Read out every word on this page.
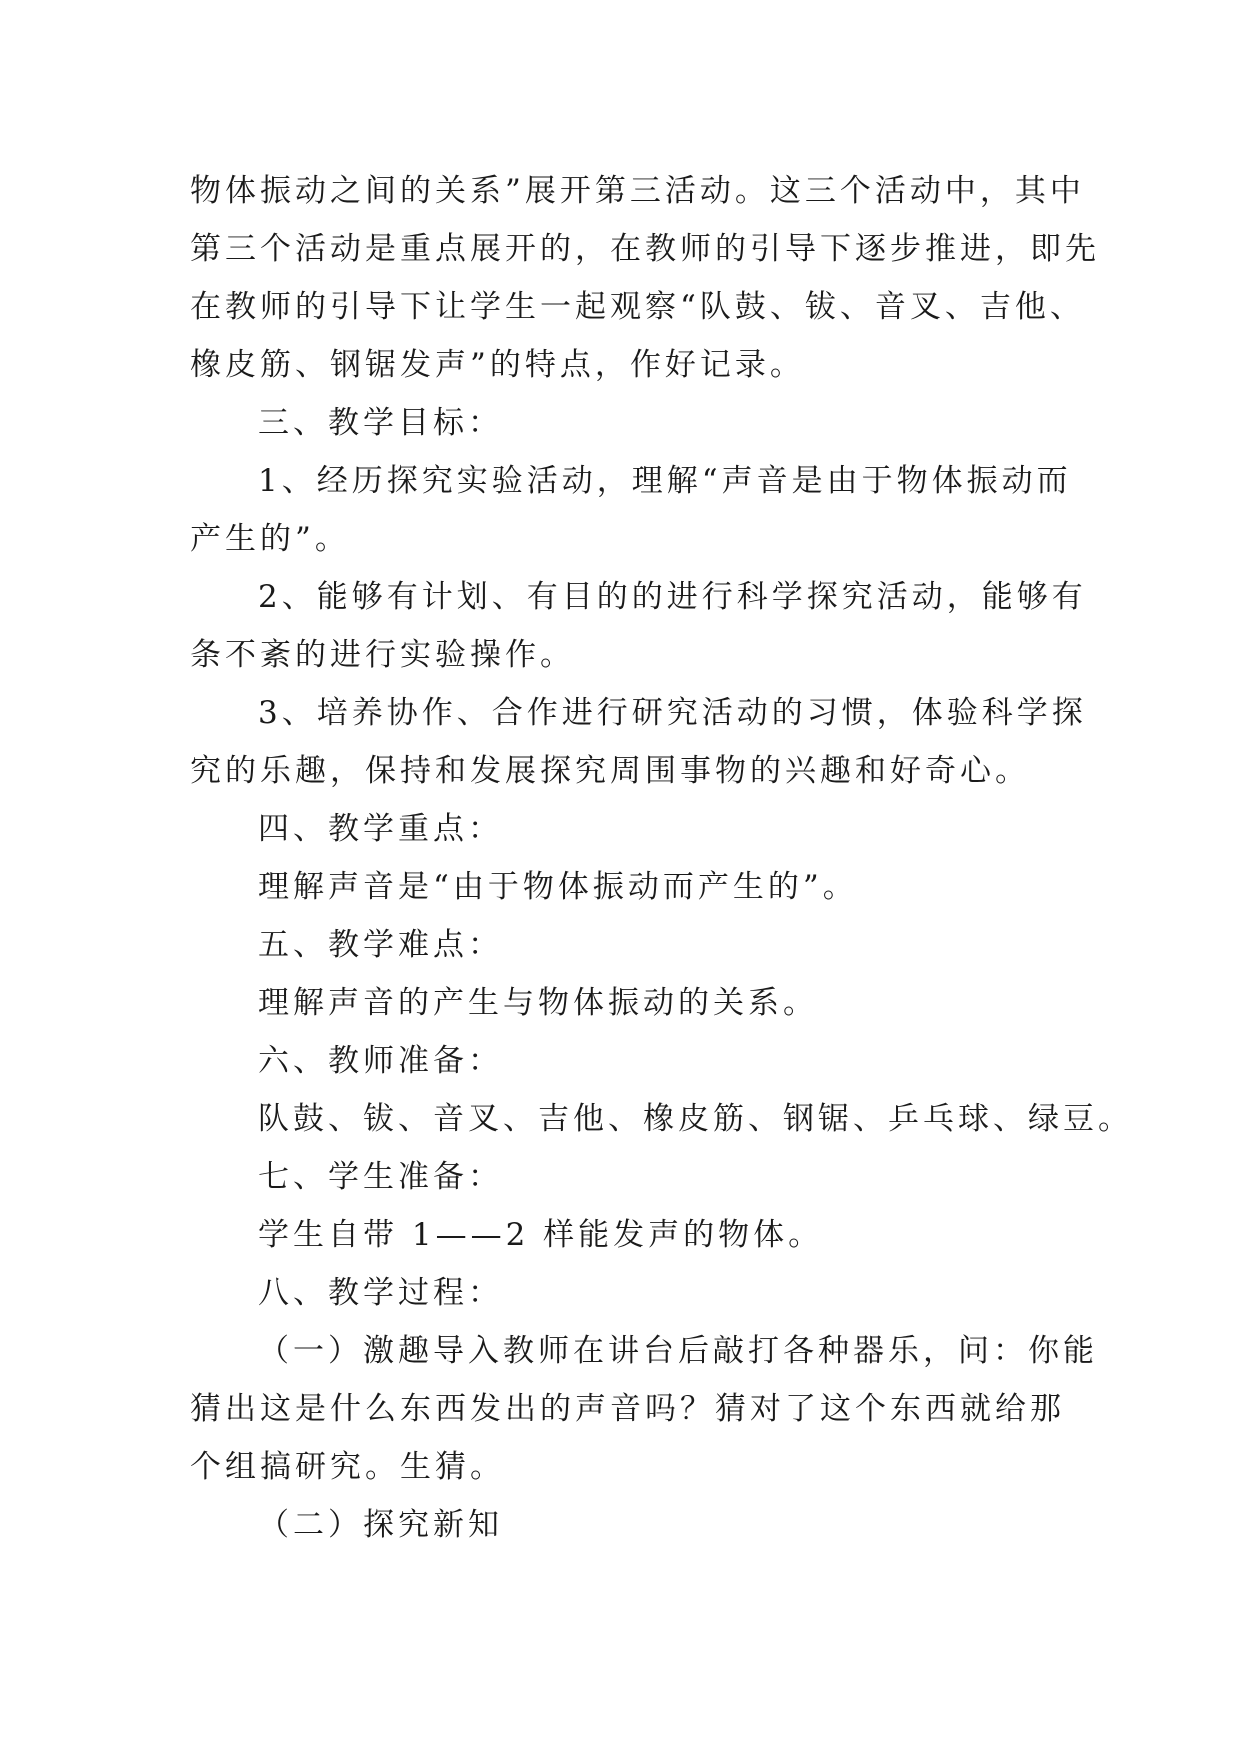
物体振动之间的关系”展开第三活动。这三个活动中，其中
第三个活动是重点展开的，在教师的引导下逐步推进，即先
在教师的引导下让学生一起观察“队鼓、钹、音叉、吉他、
橡皮筋、钢锯发声”的特点，作好记录。
三、教学目标：
1、经历探究实验活动，理解“声音是由于物体振动而
产生的”。
2、能够有计划、有目的的进行科学探究活动，能够有
条不紊的进行实验操作。
3、培养协作、合作进行研究活动的习惯，体验科学探
究的乐趣，保持和发展探究周围事物的兴趣和好奇心。
四、教学重点：
理解声音是“由于物体振动而产生的”。
五、教学难点：
理解声音的产生与物体振动的关系。
六、教师准备：
队鼓、钹、音叉、吉他、橡皮筋、钢锯、乒乓球、绿豆。
七、学生准备：
学生自带 1——2 样能发声的物体。
八、教学过程：
（一）激趣导入教师在讲台后敲打各种器乐，问：你能
猜出这是什么东西发出的声音吗？猜对了这个东西就给那
个组搞研究。生猜。
（二）探究新知
